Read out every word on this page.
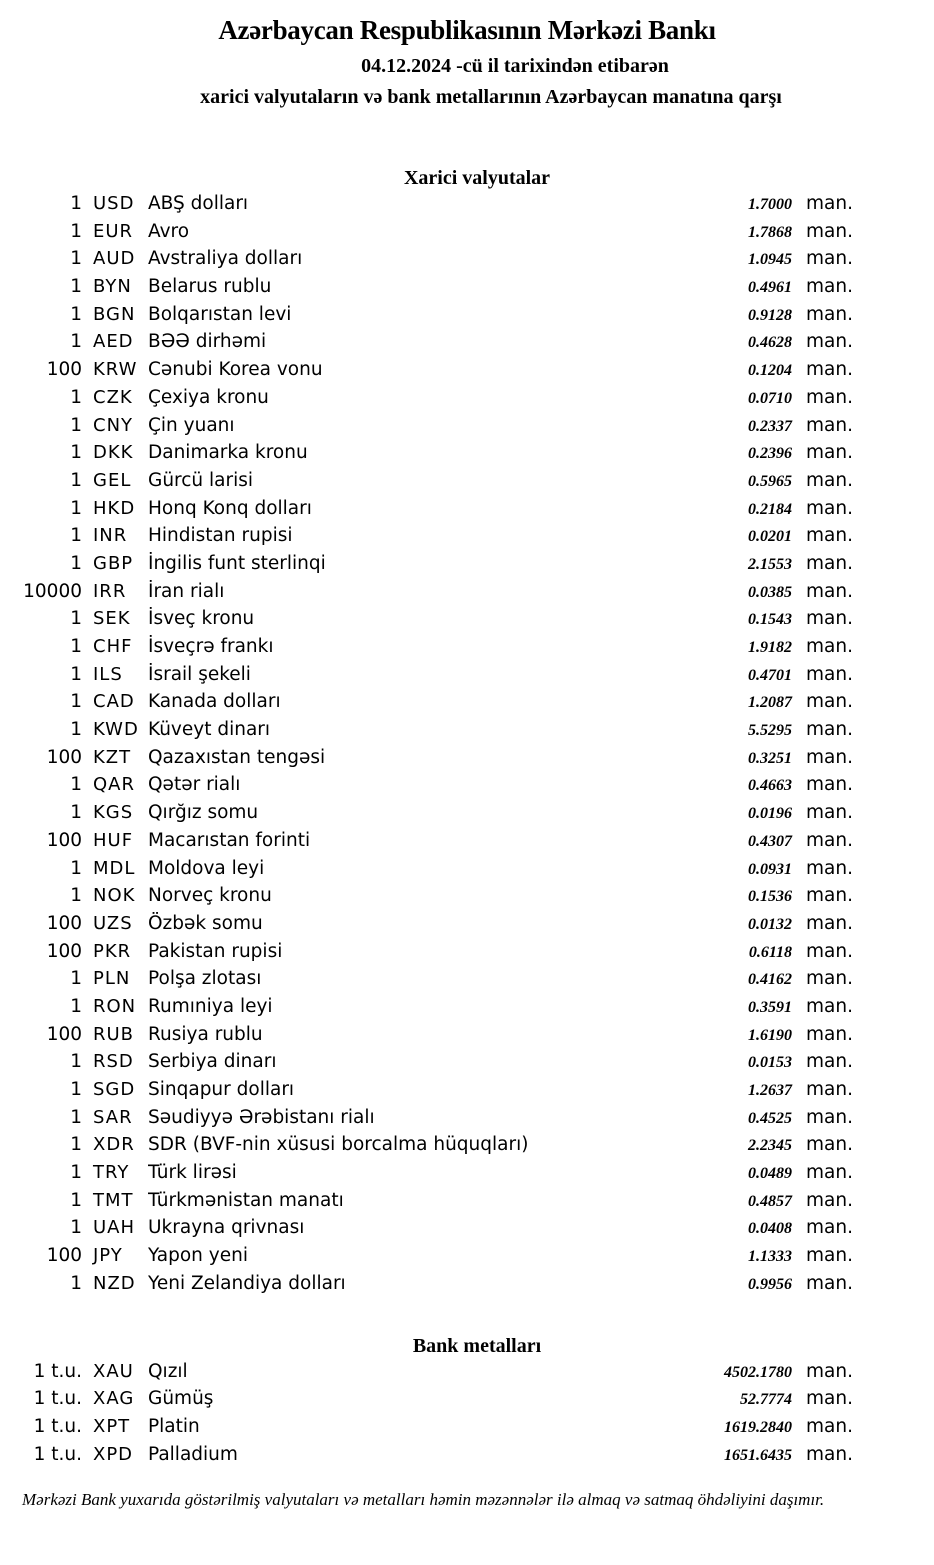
Azərbaycan Respublikasının Mərkəzi Bankı
04.12.2024 -cü il tarixindən etibarən
xarici valyutaların və bank metallarının Azərbaycan manatına qarşı
Xarici valyutalar
1 USD ABŞ dolları	1.7000 man.
1 EUR Avro	1.7868 man.
1 AUD Avstraliya dolları	1.0945 man.
1 BYN Belarus rublu	0.4961 man.
1 BGN Bolqarıstan levi	0.9128 man.
1 AED BƏƏ dirhəmi	0.4628 man.
100 KRW Cənubi Korea vonu	0.1204 man.
1 CZK Çexiya kronu	0.0710 man.
1 CNY Çin yuanı	0.2337 man.
1 DKK Danimarka kronu	0.2396 man.
1 GEL Gürcü larisi	0.5965 man.
1 HKD Honq Konq dolları	0.2184 man.
1 INR	Hindistan rupisi	0.0201 man.
1 GBP İngilis funt sterlinqi	2.1553 man.
10000 IRR	İran rialı	0.0385 man.
1 SEK İsveç kronu	0.1543 man.
1 CHF İsveçrə frankı	1.9182 man.
1 ILS	İsrail şekeli	0.4701 man.
1 CAD Kanada dolları	1.2087 man.
1 KWD Küveyt dinarı	5.5295 man.
100 KZT Qazaxıstan tengəsi	0.3251 man.
1 QAR Qətər rialı	0.4663 man.
1 KGS Qırğız somu	0.0196 man.
100 HUF Macarıstan forinti	0.4307 man.
1 MDL Moldova leyi	0.0931 man.
1 NOK Norveç kronu	0.1536 man.
100 UZS Özbək somu	0.0132 man.
100 PKR Pakistan rupisi	0.6118 man.
1 PLN Polşa zlotası	0.4162 man.
1 RON Rumıniya leyi	0.3591 man.
100 RUB Rusiya rublu	1.6190 man.
1 RSD Serbiya dinarı	0.0153 man.
1 SGD Sinqapur dolları	1.2637 man.
1 SAR Səudiyyə Ərəbistanı rialı	0.4525 man.
1 XDR SDR (BVF-nin xüsusi borcalma hüquqları)	2.2345 man.
1 TRY	Türk lirəsi	0.0489 man.
1 TMT Türkmənistan manatı	0.4857 man.
1 UAH Ukrayna qrivnası	0.0408 man.
100 JPY	Yapon yeni	1.1333 man.
1 NZD Yeni Zelandiya dolları	0.9956 man.
Bank metalları
1 t.u. XAU Qızıl	4502.1780 man.
1 t.u. XAG Gümüş	52.7774 man.
1 t.u. XPT Platin	1619.2840 man.
1 t.u. XPD Palladium	1651.6435 man.
Mərkəzi Bank yuxarıda göstərilmiş valyutaları və metalları həmin məzənnələr ilə almaq və satmaq öhdəliyini daşımır.
